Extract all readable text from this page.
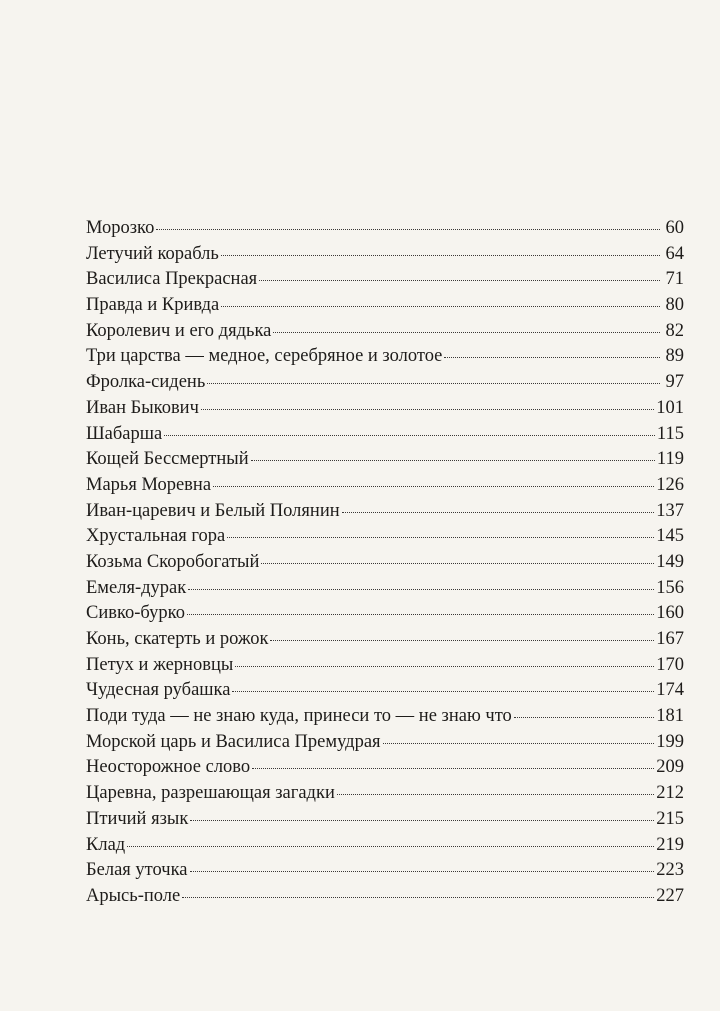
Морозко	60
Летучий корабль	64
Василиса Прекрасная	71
Правда и Кривда	80
Королевич и его дядька	82
Три царства — медное, серебряное и золотое	89
Фролка-сидень	97
Иван Быкович	101
Шабарша	115
Кощей Бессмертный	119
Марья Моревна	126
Иван-царевич и Белый Полянин	137
Хрустальная гора	145
Козьма Скоробогатый	149
Емеля-дурак	156
Сивко-бурко	160
Конь, скатерть и рожок	167
Петух и жерновцы	170
Чудесная рубашка	174
Поди туда — не знаю куда, принеси то — не знаю что	181
Морской царь и Василиса Премудрая	199
Неосторожное слово	209
Царевна, разрешающая загадки	212
Птичий язык	215
Клад	219
Белая уточка	223
Арысь-поле	227
